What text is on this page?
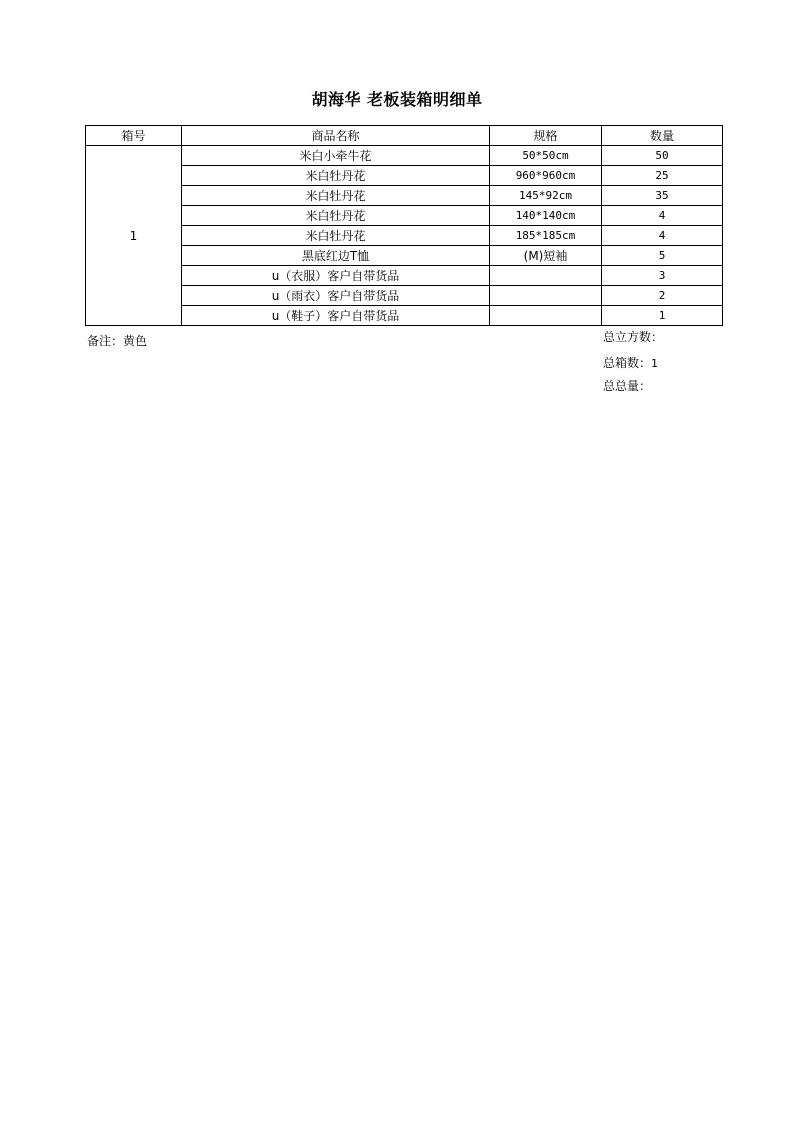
胡海华 老板装箱明细单
箱号	商品名称	规格	数量
1	米白小牵牛花	50*50cm	50
	米白牡丹花	960*960cm	25
	米白牡丹花	145*92cm	35
	米白牡丹花	140*140cm	4
	米白牡丹花	185*185cm	4
	黑底红边T恤	(M)短袖	5
	u（衣服）客户自带货品		3
	u（雨衣）客户自带货品		2
	u（鞋子）客户自带货品		1
备注：黄色	总立方数：
总箱数：1
总总量：
